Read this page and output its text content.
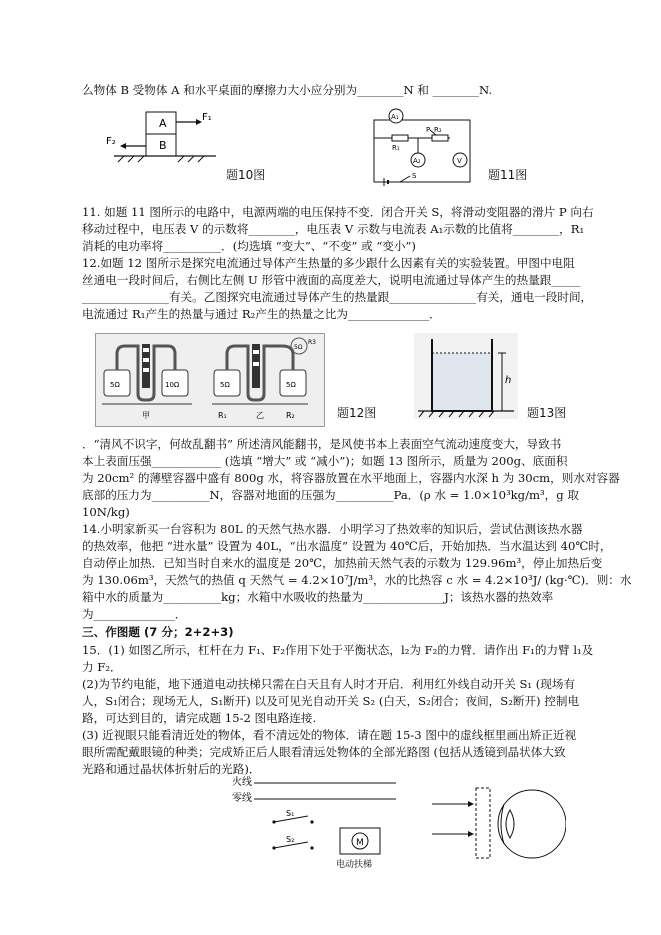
么物体 B 受物体 A 和水平桌面的摩擦力大小应分别为________N 和 ________N.
A
B
F₁
F₂
题10图
A₁
P
R₁
R₂
A₂	V
S	题11图
11. 如题 11 图所示的电路中，电源两端的电压保持不变．闭合开关 S，将滑动变阻器的滑片 P 向右
移动过程中，电压表 V 的示数将________，电压表 V 示数与电流表 A₁示数的比值将________，R₁
消耗的电功率将__________．(均选填 “变大”、“不变” 或 “变小”)
12.如题 12 图所示是探究电流通过导体产生热量的多少跟什么因素有关的实验装置。甲图中电阻
丝通电一段时间后，右侧比左侧 U 形管中液面的高度差大，说明电流通过导体产生的热量跟_____
_______________有关。乙图探究电流通过导体产生的热量跟_______________有关，通电一段时间，
电流通过 R₁产生的热量与通过 R₂产生的热量之比为______________．
5Ω	10Ω
甲
5Ω
R3
5Ω	5Ω
R₁	乙	R₂	题12图
h
题13图
．“清风不识字，何故乱翻书” 所述清风能翻书，是风使书本上表面空气流动速度变大，导致书
本上表面压强____________ (选填 “增大” 或 “减小”)；如题 13 图所示，质量为 200g、底面积
为 20cm² 的薄壁容器中盛有 800g 水，将容器放置在水平地面上，容器内水深 h 为 30cm，则水对容器
底部的压力为__________N，容器对地面的压强为__________Pa．(ρ 水 = 1.0×10³kg/m³，g 取
10N/kg)
14.小明家新买一台容积为 80L 的天然气热水器．小明学习了热效率的知识后，尝试估测该热水器
的热效率，他把 “进水量” 设置为 40L，“出水温度” 设置为 40℃后，开始加热．当水温达到 40℃时，
自动停止加热．已知当时自来水的温度是 20℃，加热前天然气表的示数为 129.96m³，停止加热后变
为 130.06m³，天然气的热值 q 天然气 = 4.2×10⁷J/m³，水的比热容 c 水 = 4.2×10³J/ (kg·℃)．则：水
箱中水的质量为__________kg；水箱中水吸收的热量为______________J；该热水器的热效率
为______________．
三、作图题 (7 分；2+2+3)
15．(1) 如图乙所示，杠杆在力 F₁、F₂作用下处于平衡状态，l₂为 F₂的力臂．请作出 F₁的力臂 l₁及
力 F₂．
(2)为节约电能，地下通道电动扶梯只需在白天且有人时才开启．利用红外线自动开关 S₁ (现场有
人，S₁闭合；现场无人，S₁断开) 以及可见光自动开关 S₂ (白天，S₂闭合；夜间，S₂断开) 控制电
路，可达到目的，请完成题 15-2 图电路连接.
(3) 近视眼只能看清近处的物体，看不清远处的物体．请在题 15-3 图中的虚线框里画出矫正近视
眼所需配戴眼镜的种类；完成矫正后人眼看清远处物体的全部光路图 (包括从透镜到晶状体大致
光路和通过晶状体折射后的光路)．
火线
零线
S₁
S₂	M
电动扶梯
